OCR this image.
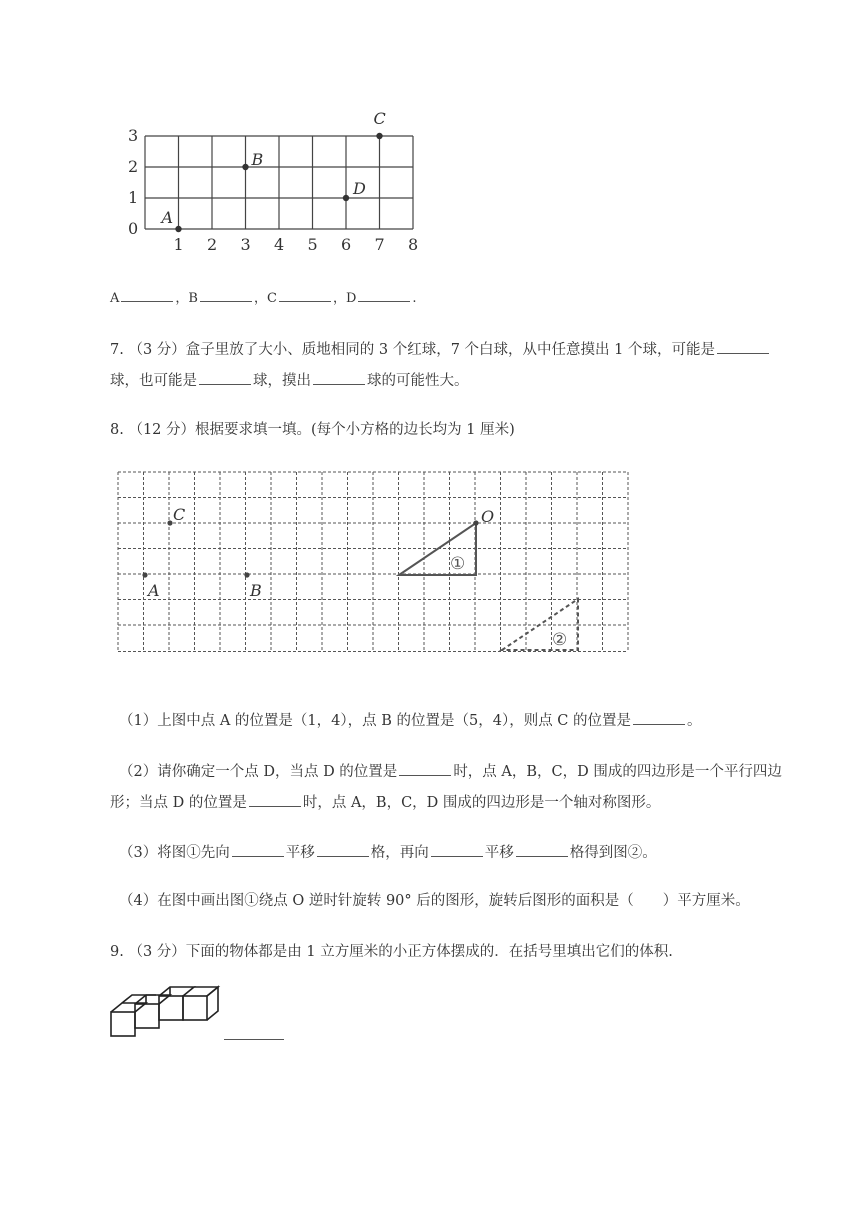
0
1 2 3 4 5 6 7 8
1
2
3
A
B
C
D
A	，B	，C	，D	.
7. （3 分）盒子里放了大小、质地相同的 3 个红球，7 个白球，从中任意摸出 1 个球，可能是
球，也可能是	球，摸出	球的可能性大。
8. （12 分）根据要求填一填。(每个小方格的边长均为 1 厘米)
①
②
C
A	B
O
（1）上图中点 A 的位置是（1，4），点 B 的位置是（5，4），则点 C 的位置是	。
（2）请你确定一个点 D，当点 D 的位置是	时，点 A，B，C，D 围成的四边形是一个平行四边
形；当点 D 的位置是	时，点 A，B，C，D 围成的四边形是一个轴对称图形。
（3）将图①先向	平移	格，再向	平移	格得到图②。
（4）在图中画出图①绕点 O 逆时针旋转 90° 后的图形，旋转后图形的面积是（　　）平方厘米。
9. （3 分）下面的物体都是由 1 立方厘米的小正方体摆成的．在括号里填出它们的体积.
